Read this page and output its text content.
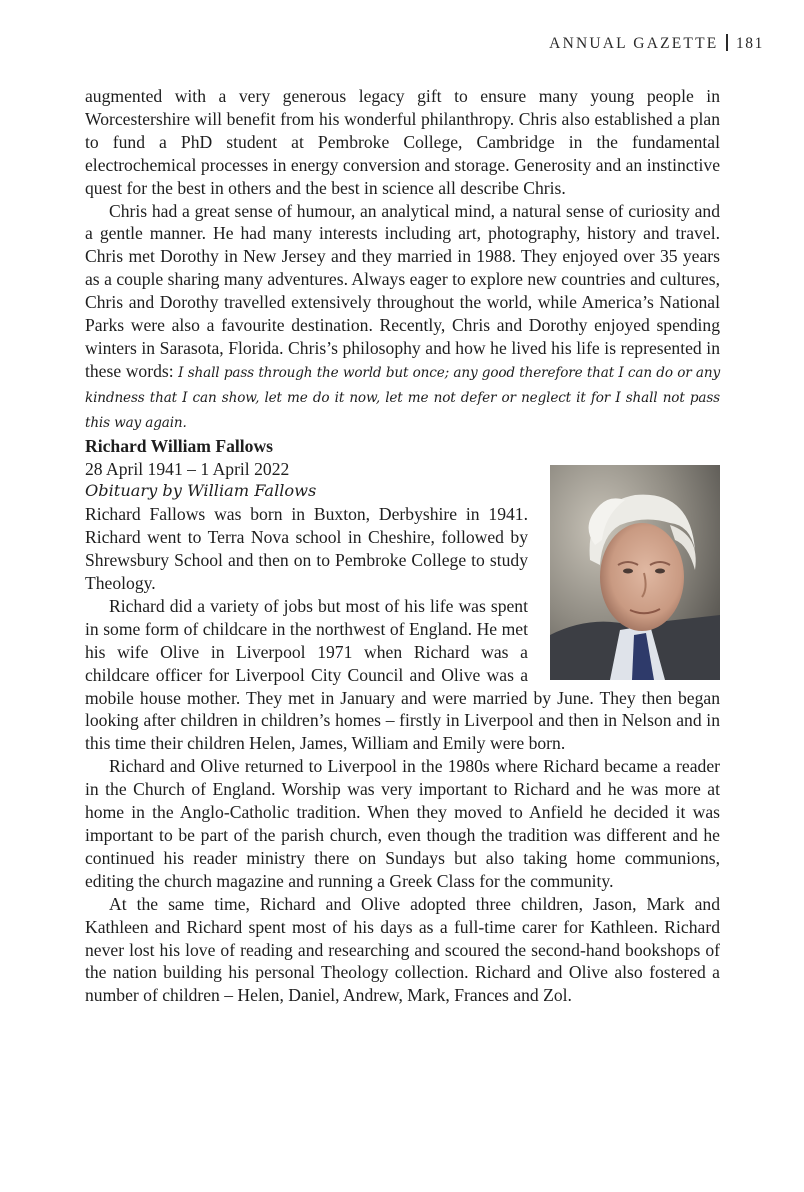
ANNUAL GAZETTE 181

augmented with a very generous legacy gift to ensure many young people in Worcestershire will benefit from his wonderful philanthropy. Chris also established a plan to fund a PhD student at Pembroke College, Cambridge in the fundamental electrochemical processes in energy conversion and storage. Generosity and an instinctive quest for the best in others and the best in science all describe Chris.

Chris had a great sense of humour, an analytical mind, a natural sense of curiosity and a gentle manner. He had many interests including art, photography, history and travel. Chris met Dorothy in New Jersey and they married in 1988. They enjoyed over 35 years as a couple sharing many adventures. Always eager to explore new countries and cultures, Chris and Dorothy travelled extensively throughout the world, while America’s National Parks were also a favourite destination. Recently, Chris and Dorothy enjoyed spending winters in Sarasota, Florida. Chris’s philosophy and how he lived his life is represented in these words: I shall pass through the world but once; any good therefore that I can do or any kindness that I can show, let me do it now, let me not defer or neglect it for I shall not pass this way again.

Richard William Fallows

28 April 1941 – 1 April 2022

Obituary by William Fallows

Richard Fallows was born in Buxton, Derbyshire in 1941. Richard went to Terra Nova school in Cheshire, followed by Shrewsbury School and then on to Pembroke College to study Theology.

Richard did a variety of jobs but most of his life was spent in some form of childcare in the northwest of England. He met his wife Olive in Liverpool 1971 when Richard was a childcare officer for Liverpool City Council and Olive was a mobile house mother. They met in January and were married by June. They then began looking after children in children’s homes – firstly in Liverpool and then in Nelson and in this time their children Helen, James, William and Emily were born.

Richard and Olive returned to Liverpool in the 1980s where Richard became a reader in the Church of England. Worship was very important to Richard and he was more at home in the Anglo-Catholic tradition. When they moved to Anfield he decided it was important to be part of the parish church, even though the tradition was different and he continued his reader ministry there on Sundays but also taking home communions, editing the church magazine and running a Greek Class for the community.

At the same time, Richard and Olive adopted three children, Jason, Mark and Kathleen and Richard spent most of his days as a full-time carer for Kathleen. Richard never lost his love of reading and researching and scoured the second-hand bookshops of the nation building his personal Theology collection. Richard and Olive also fostered a number of children – Helen, Daniel, Andrew, Mark, Frances and Zol.
